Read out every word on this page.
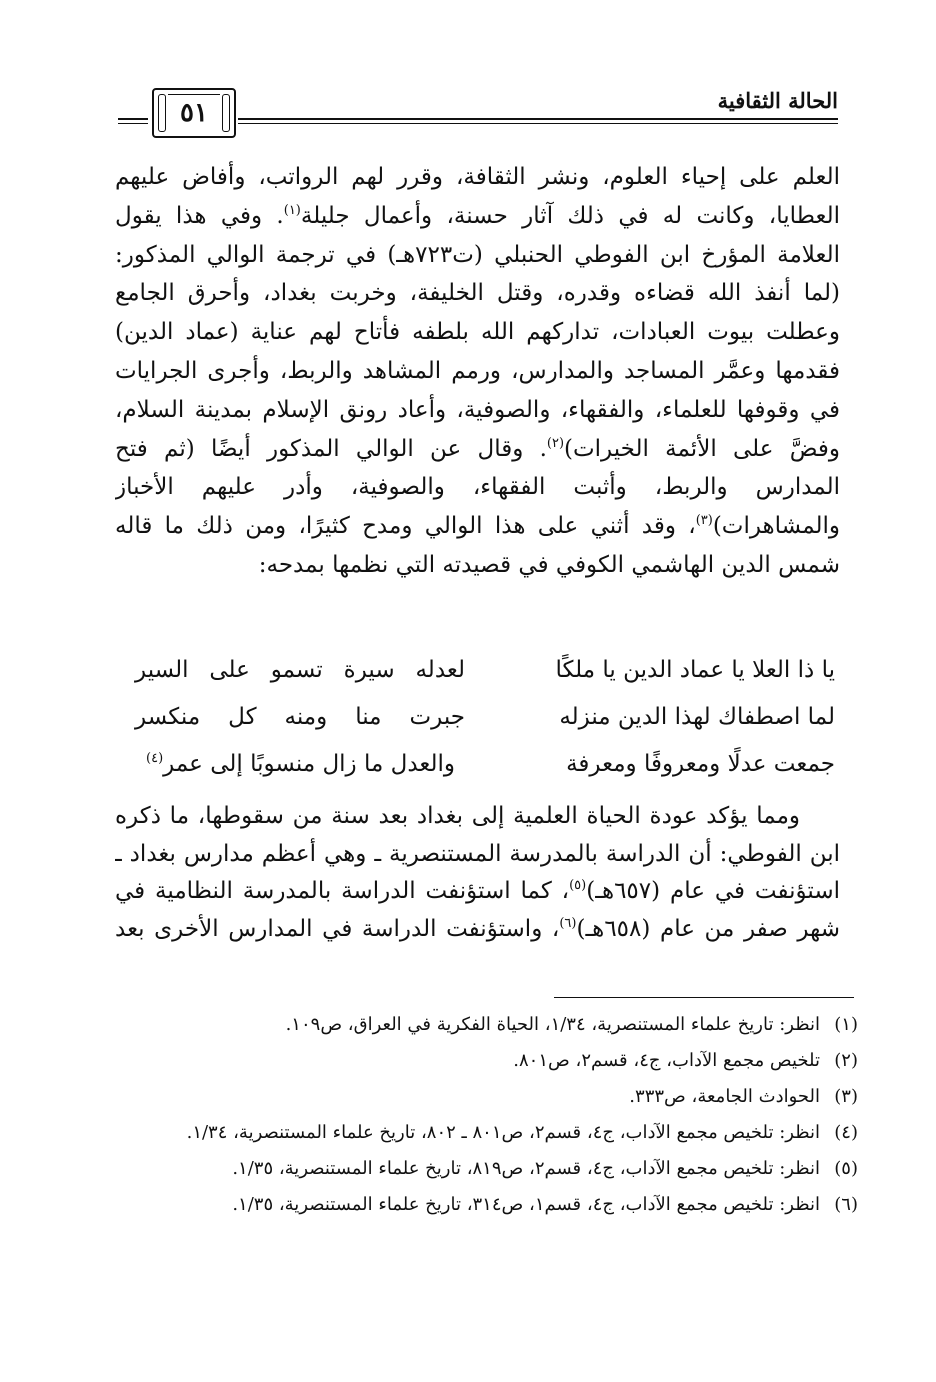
٥١	الحالة الثقافية
العلم على إحياء العلوم، ونشر الثقافة، وقرر لهم الرواتب، وأفاض عليهم
العطايا، وكانت له في ذلك آثار حسنة، وأعمال جليلة$^{(١)}$. وفي هذا يقول
العلامة المؤرخ ابن الفوطي الحنبلي (ت٧٢٣هـ) في ترجمة الوالي المذكور:
(لما أنفذ الله قضاءه وقدره، وقتل الخليفة، وخربت بغداد، وأحرق الجامع
وعطلت بيوت العبادات، تداركهم الله بلطفه فأتاح لهم عناية (عماد الدين)
فقدمها وعمَّر المساجد والمدارس، ورمم المشاهد والربط، وأجرى الجرايات
في وقوفها للعلماء، والفقهاء، والصوفية، وأعاد رونق الإسلام بمدينة السلام،
وفضَّ على الأئمة الخيرات)$^{(٢)}$. وقال عن الوالي المذكور أيضًا (ثم فتح
المدارس والربط، وأثبت الفقهاء، والصوفية، وأدر عليهم الأخباز
والمشاهرات)$^{(٣)}$، وقد أثني على هذا الوالي ومدح كثيرًا، ومن ذلك ما قاله
شمس الدين الهاشمي الكوفي في قصيدته التي نظمها بمدحه:
يا ذا العلا يا عماد الدين يا ملكًا
لعدله سيرة تسمو على السير
لما اصطفاك لهذا الدين منزله
جبرت منا ومنه كل منكسر
جمعت عدلًا ومعروفًا ومعرفة
والعدل ما زال منسوبًا إلى عمر$^{(٤)}$
ومما يؤكد عودة الحياة العلمية إلى بغداد بعد سنة من سقوطها، ما ذكره
ابن الفوطي: أن الدراسة بالمدرسة المستنصرية ـ وهي أعظم مدارس بغداد ـ
استؤنفت في عام (٦٥٧هـ)$^{(٥)}$، كما استؤنفت الدراسة بالمدرسة النظامية في
شهر صفر من عام (٦٥٨هـ)$^{(٦)}$، واستؤنفت الدراسة في المدارس الأخرى بعد
(١)
انظر: تاريخ علماء المستنصرية، ١/٣٤، الحياة الفكرية في العراق، ص١٠٩.
(٢)
تلخيص مجمع الآداب، ج٤، قسم٢، ص٨٠١.
(٣)
الحوادث الجامعة، ص٣٣٣.
(٤)
انظر: تلخيص مجمع الآداب، ج٤، قسم٢، ص٨٠١ ـ ٨٠٢، تاريخ علماء المستنصرية، ١/٣٤.
(٥)
انظر: تلخيص مجمع الآداب، ج٤، قسم٢، ص٨١٩، تاريخ علماء المستنصرية، ١/٣٥.
(٦)
انظر: تلخيص مجمع الآداب، ج٤، قسم١، ص٣١٤، تاريخ علماء المستنصرية، ١/٣٥.
